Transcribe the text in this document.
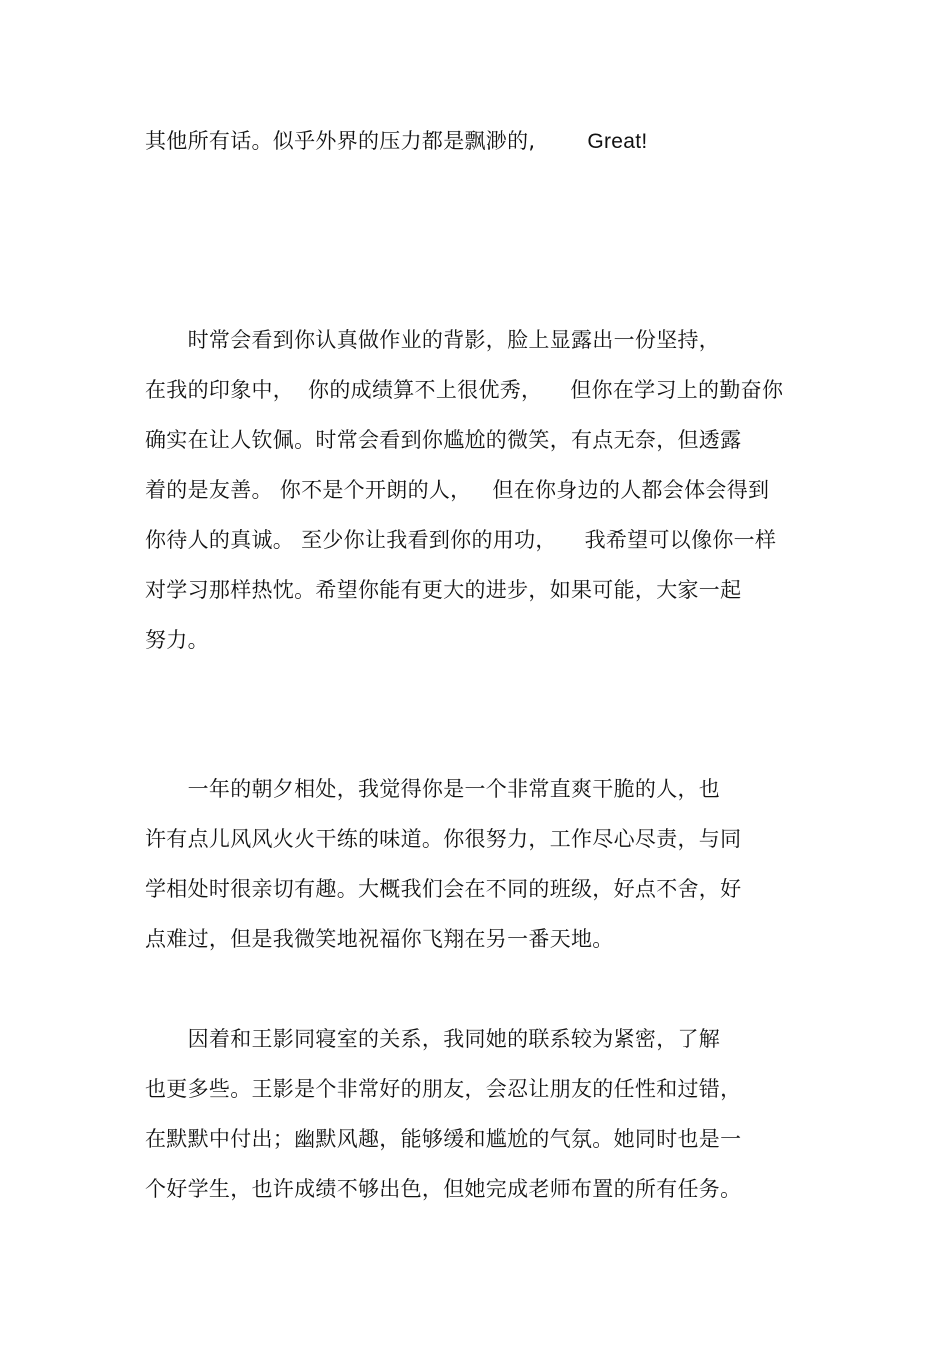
其他所有话。似乎外界的压力都是飘渺的, Great!
　　时常会看到你认真做作业的背影，脸上显露出一份坚持，
在我的印象中，  你的成绩算不上很优秀，    但你在学习上的勤奋你
确实在让人钦佩。时常会看到你尴尬的微笑，有点无奈，但透露
着的是友善。 你不是个开朗的人，   但在你身边的人都会体会得到
你待人的真诚。 至少你让我看到你的用功，    我希望可以像你一样
对学习那样热忱。希望你能有更大的进步，如果可能，大家一起
努力。
　　一年的朝夕相处，我觉得你是一个非常直爽干脆的人，也
许有点儿风风火火干练的味道。你很努力，工作尽心尽责，与同
学相处时很亲切有趣。大概我们会在不同的班级，好点不舍，好
点难过，但是我微笑地祝福你飞翔在另一番天地。
　　因着和王影同寝室的关系，我同她的联系较为紧密，了解
也更多些。王影是个非常好的朋友，会忍让朋友的任性和过错，
在默默中付出；幽默风趣，能够缓和尴尬的气氛。她同时也是一
个好学生，也许成绩不够出色，但她完成老师布置的所有任务。
